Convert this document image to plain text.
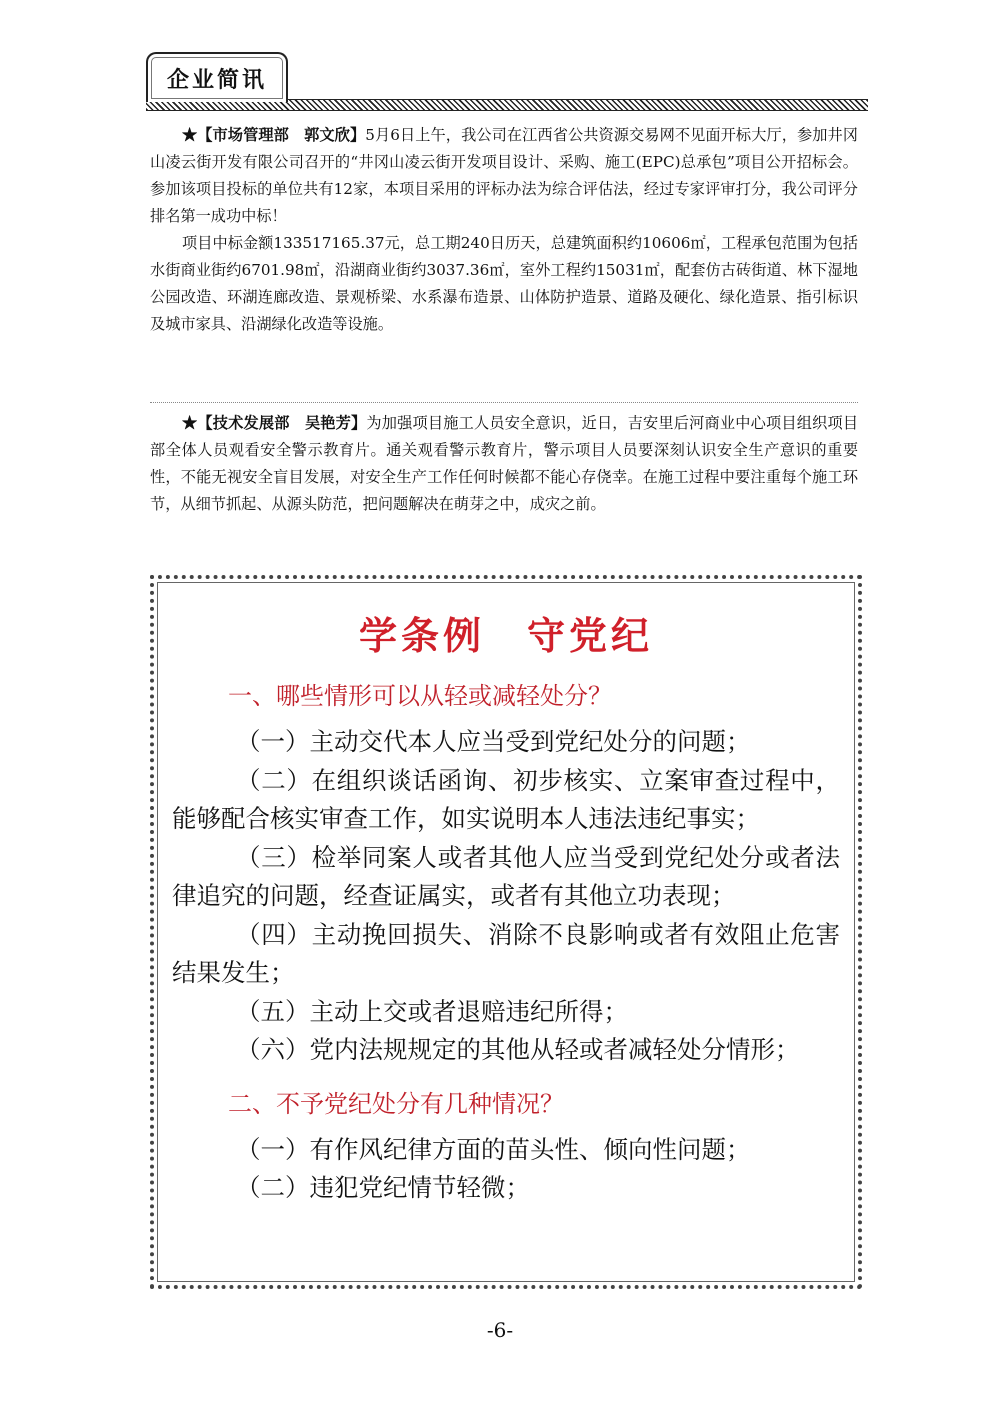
企业简讯

★【市场管理部　郭文欣】5月6日上午，我公司在江西省公共资源交易网不见面开标大厅，参加井冈山凌云街开发有限公司召开的“井冈山凌云街开发项目设计、采购、施工(EPC)总承包”项目公开招标会。参加该项目投标的单位共有12家，本项目采用的评标办法为综合评估法，经过专家评审打分，我公司评分排名第一成功中标！

项目中标金额133517165.37元，总工期240日历天，总建筑面积约10606㎡，工程承包范围为包括水街商业街约6701.98㎡，沿湖商业街约3037.36㎡，室外工程约15031㎡，配套仿古砖街道、林下湿地公园改造、环湖连廊改造、景观桥梁、水系瀑布造景、山体防护造景、道路及硬化、绿化造景、指引标识及城市家具、沿湖绿化改造等设施。

★【技术发展部　吴艳芳】为加强项目施工人员安全意识，近日，吉安里后河商业中心项目组织项目部全体人员观看安全警示教育片。通关观看警示教育片，警示项目人员要深刻认识安全生产意识的重要性，不能无视安全盲目发展，对安全生产工作任何时候都不能心存侥幸。在施工过程中要注重每个施工环节，从细节抓起、从源头防范，把问题解决在萌芽之中，成灾之前。

学条例　守党纪
一、哪些情形可以从轻或减轻处分？

（一）主动交代本人应当受到党纪处分的问题；

（二）在组织谈话函询、初步核实、立案审查过程中，能够配合核实审查工作，如实说明本人违法违纪事实；

（三）检举同案人或者其他人应当受到党纪处分或者法律追究的问题，经查证属实，或者有其他立功表现；

（四）主动挽回损失、消除不良影响或者有效阻止危害结果发生；

（五）主动上交或者退赔违纪所得；

（六）党内法规规定的其他从轻或者减轻处分情形；

二、不予党纪处分有几种情况？

（一）有作风纪律方面的苗头性、倾向性问题；

（二）违犯党纪情节轻微；

-6-
